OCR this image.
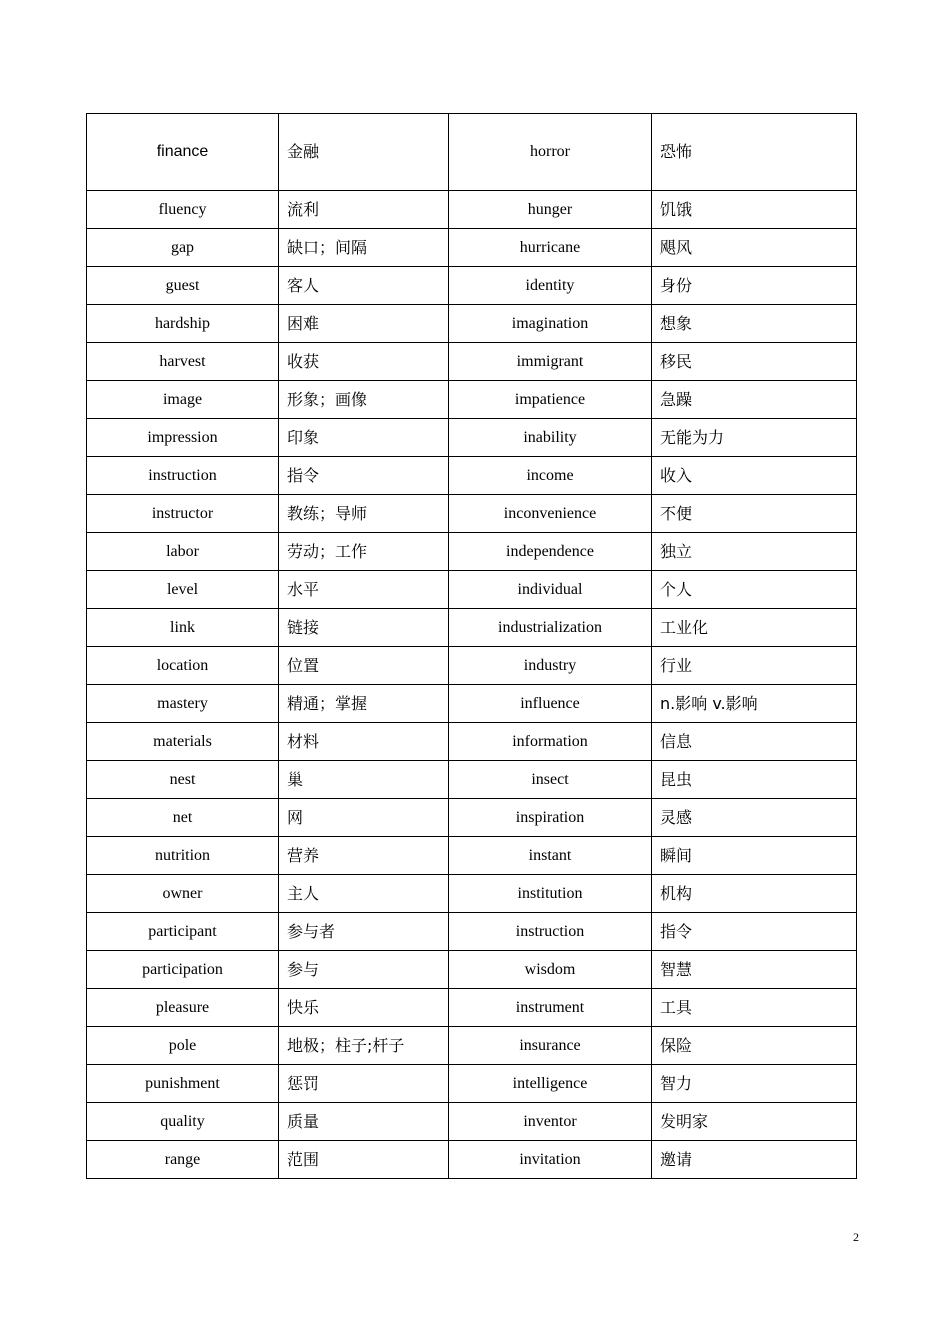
finance	金融	horror	恐怖
fluency	流利	hunger	饥饿
gap	缺口；间隔	hurricane	飓风
guest	客人	identity	身份
hardship	困难	imagination	想象
harvest	收获	immigrant	移民
image	形象；画像	impatience	急躁
impression	印象	inability	无能为力
instruction	指令	income	收入
instructor	教练；导师	inconvenience	不便
labor	劳动；工作	independence	独立
level	水平	individual	个人
link	链接	industrialization	工业化
location	位置	industry	行业
mastery	精通；掌握	influence	n.影响 v.影响
materials	材料	information	信息
nest	巢	insect	昆虫
net	网	inspiration	灵感
nutrition	营养	instant	瞬间
owner	主人	institution	机构
participant	参与者	instruction	指令
participation	参与	wisdom	智慧
pleasure	快乐	instrument	工具
pole	地极；柱子;杆子	insurance	保险
punishment	惩罚	intelligence	智力
quality	质量	inventor	发明家
range	范围	invitation	邀请
2
